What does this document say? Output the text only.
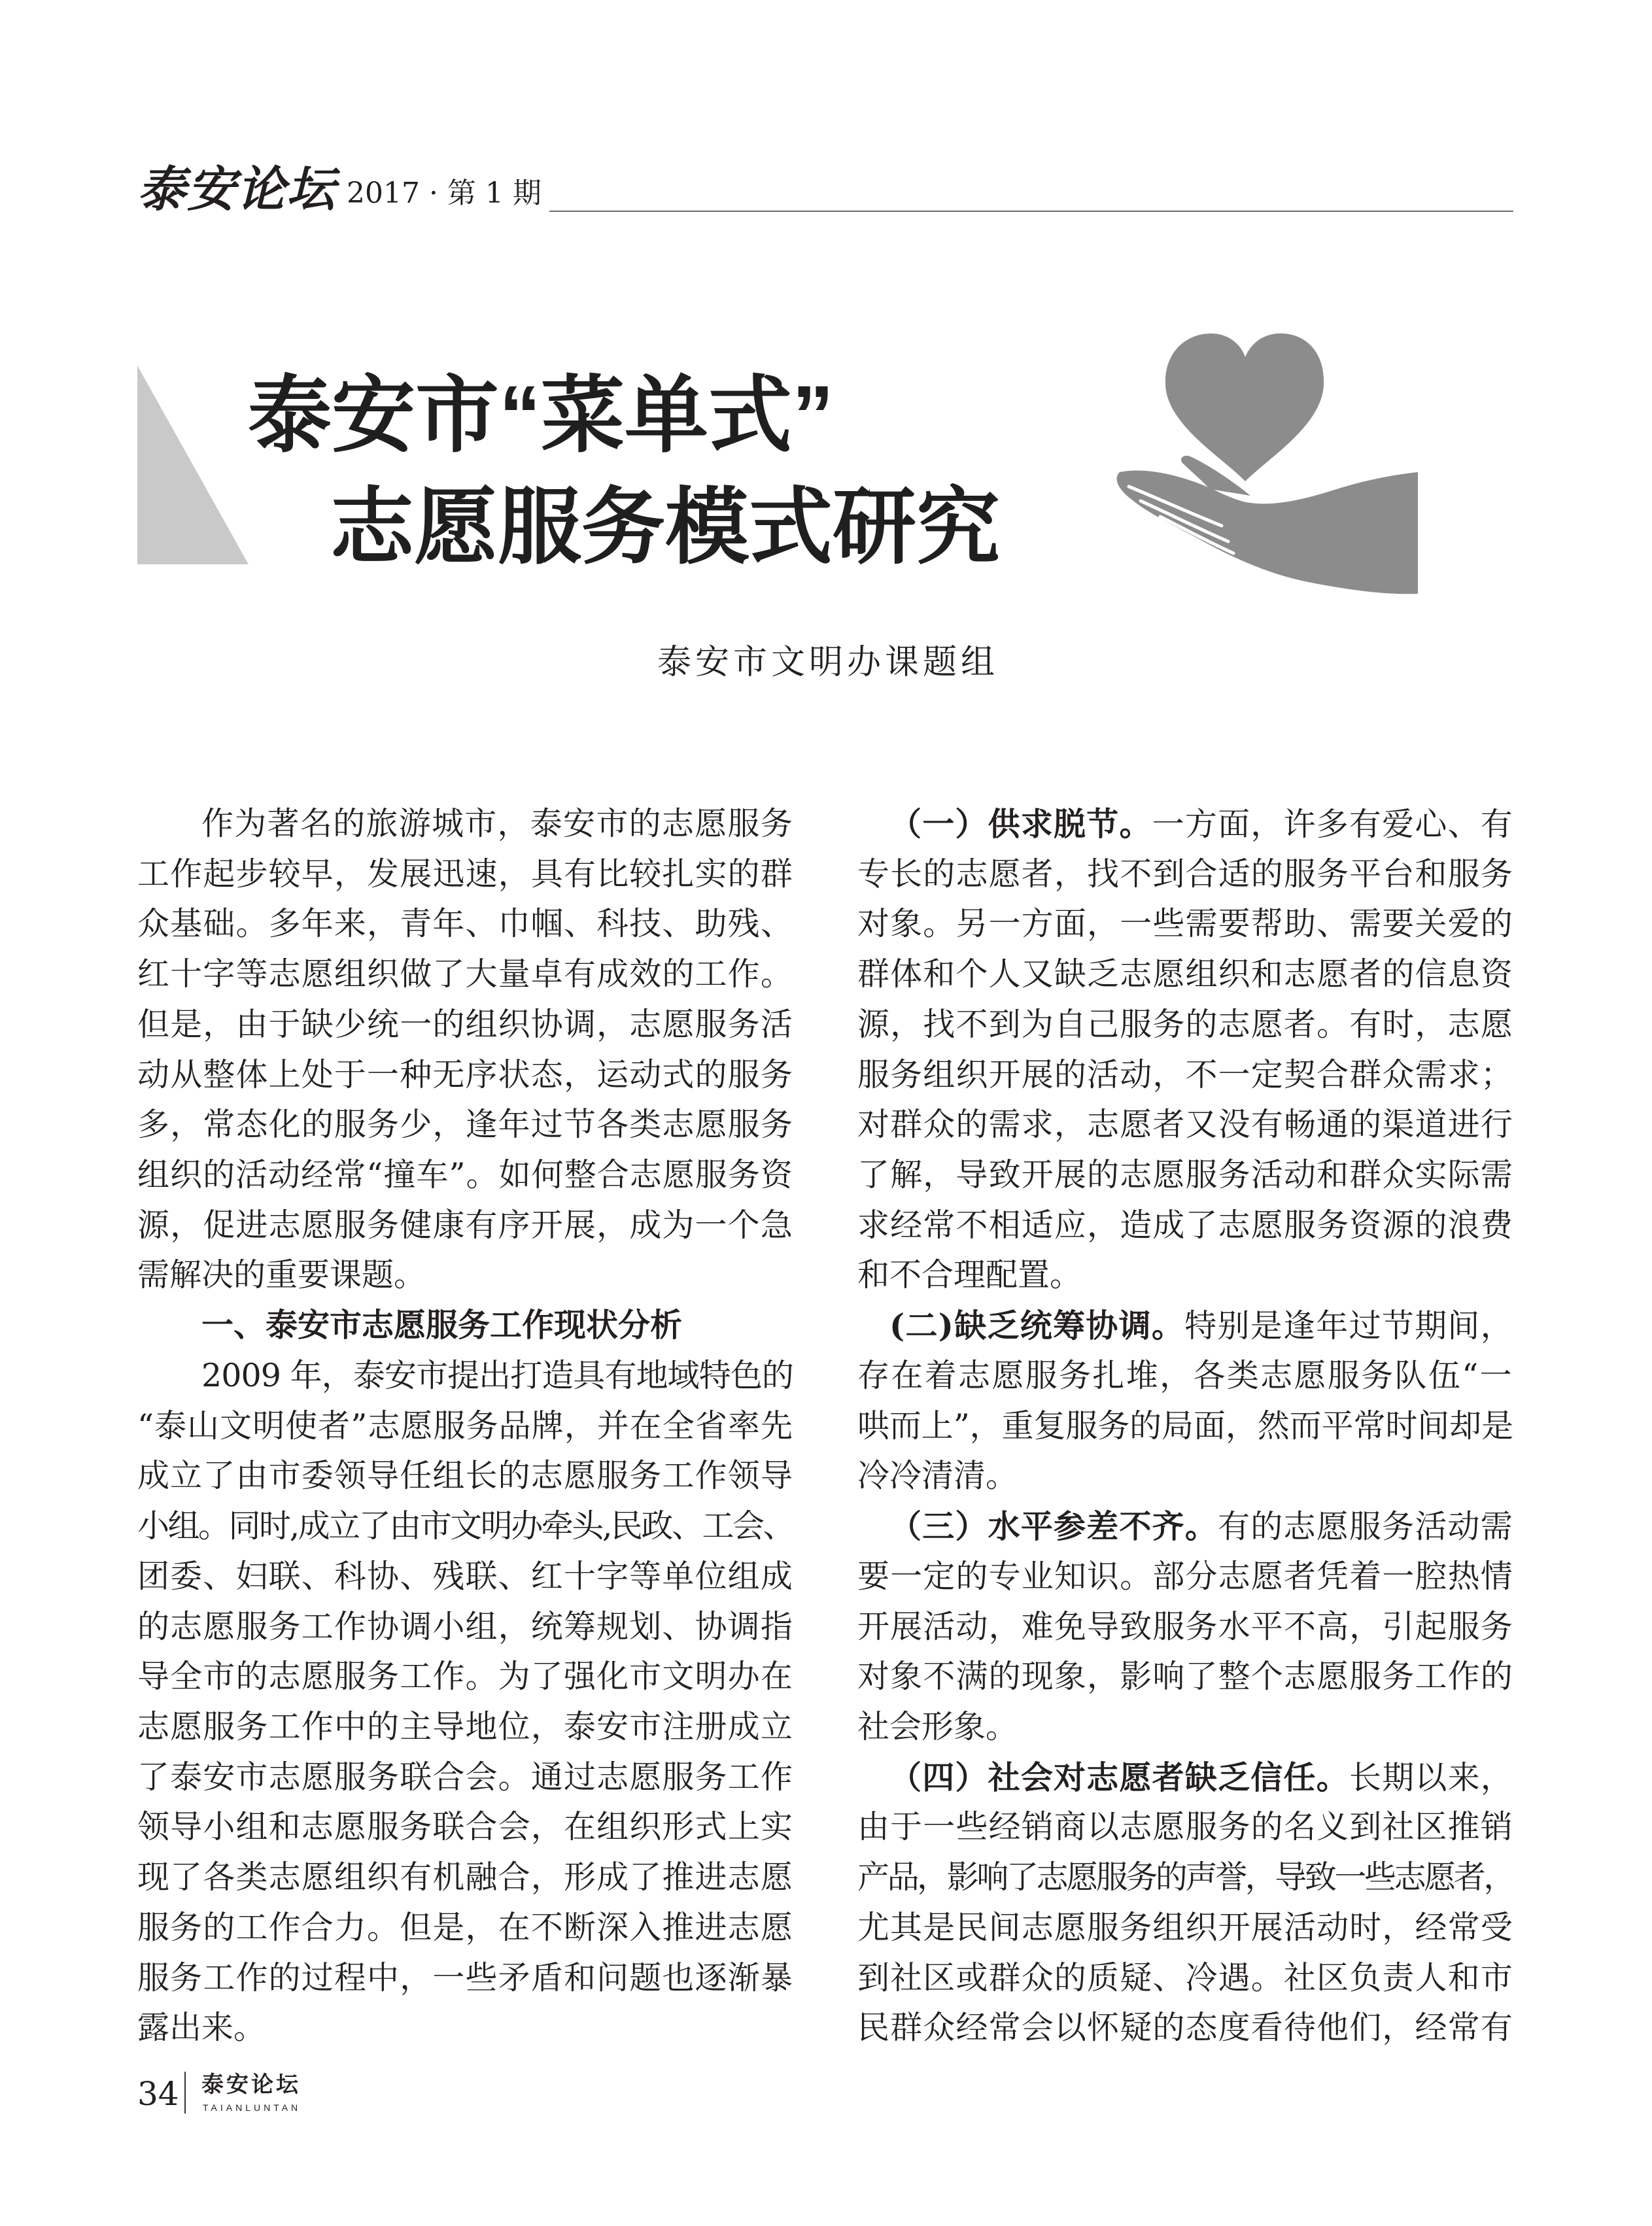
泰安论坛 2017 · 第 1 期
泰安市“菜单式”
志愿服务模式研究
泰安市文明办课题组
作为著名的旅游城市，泰安市的志愿服务
工作起步较早，发展迅速，具有比较扎实的群
众基础。多年来，青年、巾帼、科技、助残、
红十字等志愿组织做了大量卓有成效的工作。
但是，由于缺少统一的组织协调，志愿服务活
动从整体上处于一种无序状态，运动式的服务
多，常态化的服务少，逢年过节各类志愿服务
组织的活动经常“撞车”。如何整合志愿服务资
源，促进志愿服务健康有序开展，成为一个急
需解决的重要课题。
一、泰安市志愿服务工作现状分析
2009 年，泰安市提出打造具有地域特色的
“泰山文明使者”志愿服务品牌，并在全省率先
成立了由市委领导任组长的志愿服务工作领导
小组。同时,成立了由市文明办牵头,民政、工会、
团委、妇联、科协、残联、红十字等单位组成
的志愿服务工作协调小组，统筹规划、协调指
导全市的志愿服务工作。为了强化市文明办在
志愿服务工作中的主导地位，泰安市注册成立
了泰安市志愿服务联合会。通过志愿服务工作
领导小组和志愿服务联合会，在组织形式上实
现了各类志愿组织有机融合，形成了推进志愿
服务的工作合力。但是，在不断深入推进志愿
服务工作的过程中，一些矛盾和问题也逐渐暴
露出来。
（一）供求脱节。一方面，许多有爱心、有
专长的志愿者，找不到合适的服务平台和服务
对象。另一方面，一些需要帮助、需要关爱的
群体和个人又缺乏志愿组织和志愿者的信息资
源，找不到为自己服务的志愿者。有时，志愿
服务组织开展的活动，不一定契合群众需求；
对群众的需求，志愿者又没有畅通的渠道进行
了解，导致开展的志愿服务活动和群众实际需
求经常不相适应，造成了志愿服务资源的浪费
和不合理配置。
(二)缺乏统筹协调。特别是逢年过节期间，
存在着志愿服务扎堆，各类志愿服务队伍“一
哄而上”，重复服务的局面，然而平常时间却是
冷冷清清。
（三）水平参差不齐。有的志愿服务活动需
要一定的专业知识。部分志愿者凭着一腔热情
开展活动，难免导致服务水平不高，引起服务
对象不满的现象，影响了整个志愿服务工作的
社会形象。
（四）社会对志愿者缺乏信任。长期以来，
由于一些经销商以志愿服务的名义到社区推销
产品，影响了志愿服务的声誉，导致一些志愿者，
尤其是民间志愿服务组织开展活动时，经常受
到社区或群众的质疑、冷遇。社区负责人和市
民群众经常会以怀疑的态度看待他们，经常有
34 泰安论坛
TAIANLUNTAN
